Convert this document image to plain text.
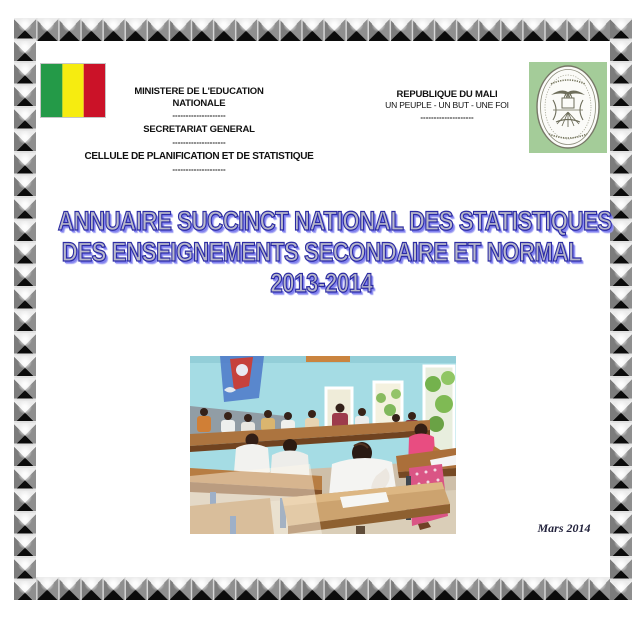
MINISTERE DE L'EDUCATION
NATIONALE
--------------------
SECRETARIAT GENERAL
--------------------
CELLULE DE PLANIFICATION ET DE STATISTIQUE
--------------------
REPUBLIQUE DU MALI
UN PEUPLE - UN BUT - UNE FOI
--------------------
ANNUAIRE SUCCINCT NATIONAL DES STATISTIQUES
DES ENSEIGNEMENTS SECONDAIRE ET NORMAL
2013-2014
Mars 2014
